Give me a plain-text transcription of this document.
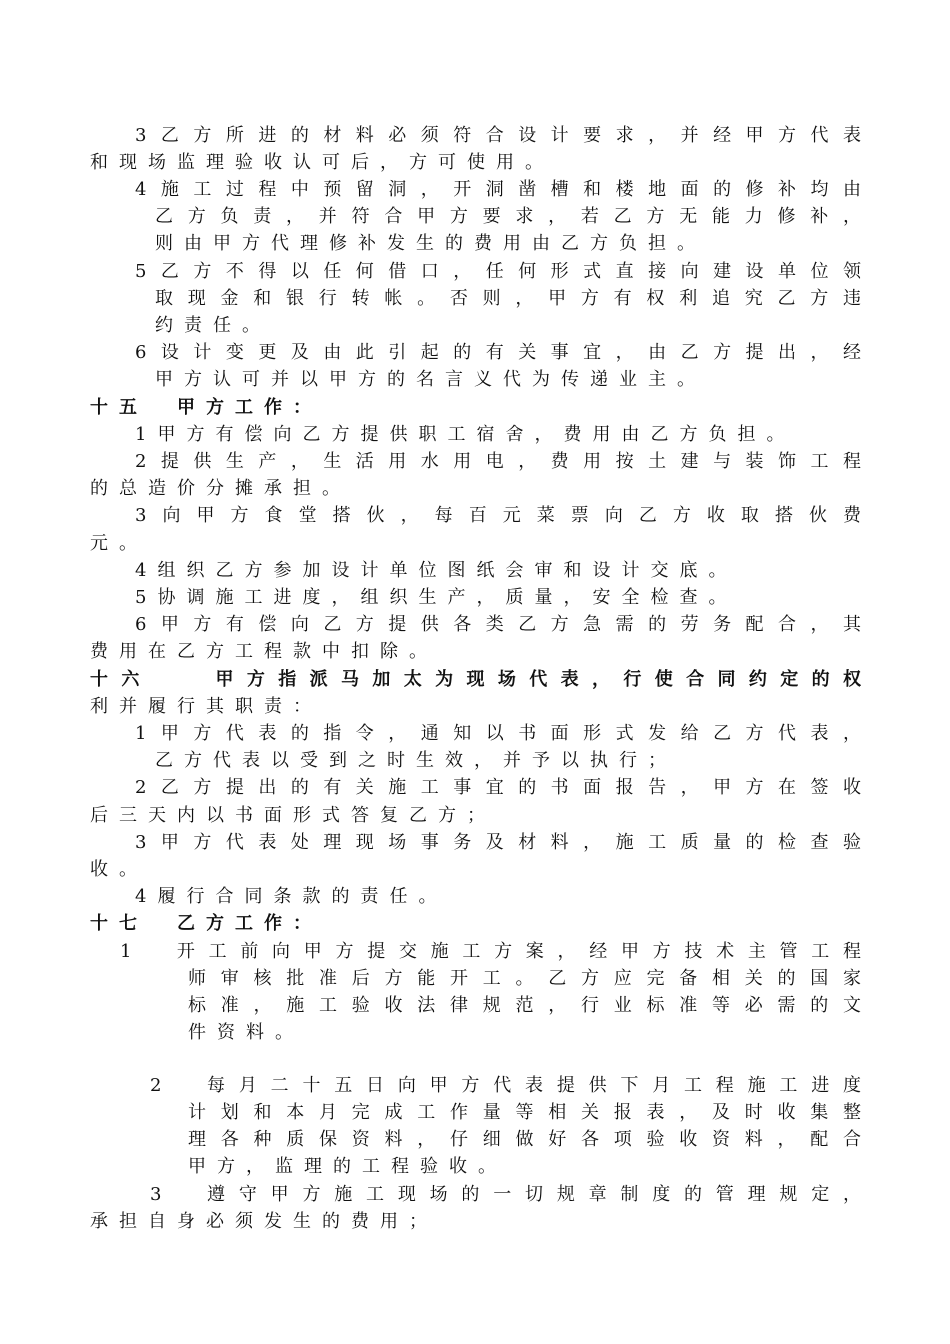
3乙方所进的材料必须符合设计要求，并经甲方代表
和现场监理验收认可后，方可使用。
4施工过程中预留洞，开洞凿槽和楼地面的修补均由
乙方负责，并符合甲方要求，若乙方无能力修补，
则由甲方代理修补发生的费用由乙方负担。
5乙方不得以任何借口，任何形式直接向建设单位领
取现金和银行转帐。否则，甲方有权利追究乙方违
约责任。
6设计变更及由此引起的有关事宜，由乙方提出，经
甲方认可并以甲方的名言义代为传递业主。
十五　甲方工作：
1甲方有偿向乙方提供职工宿舍，费用由乙方负担。
2提供生产，生活用水用电，费用按土建与装饰工程
的总造价分摊承担。
3向甲方食堂搭伙，每百元菜票向乙方收取搭伙费
元。
4组织乙方参加设计单位图纸会审和设计交底。
5协调施工进度，组织生产，质量，安全检查。
6甲方有偿向乙方提供各类乙方急需的劳务配合，其
费用在乙方工程款中扣除。
十六　　甲方指派马加太为现场代表，行使合同约定的权
利并履行其职责：
1甲方代表的指令，通知以书面形式发给乙方代表，
乙方代表以受到之时生效，并予以执行；
2乙方提出的有关施工事宜的书面报告，甲方在签收
后三天内以书面形式答复乙方；
3甲方代表处理现场事务及材料，施工质量的检查验
收。
4履行合同条款的责任。
十七　乙方工作：
1　开工前向甲方提交施工方案，经甲方技术主管工程
师审核批准后方能开工。乙方应完备相关的国家
标准，施工验收法律规范，行业标准等必需的文
件资料。
2　每月二十五日向甲方代表提供下月工程施工进度
计划和本月完成工作量等相关报表，及时收集整
理各种质保资料，仔细做好各项验收资料，配合
甲方，监理的工程验收。
3　遵守甲方施工现场的一切规章制度的管理规定，
承担自身必须发生的费用；
